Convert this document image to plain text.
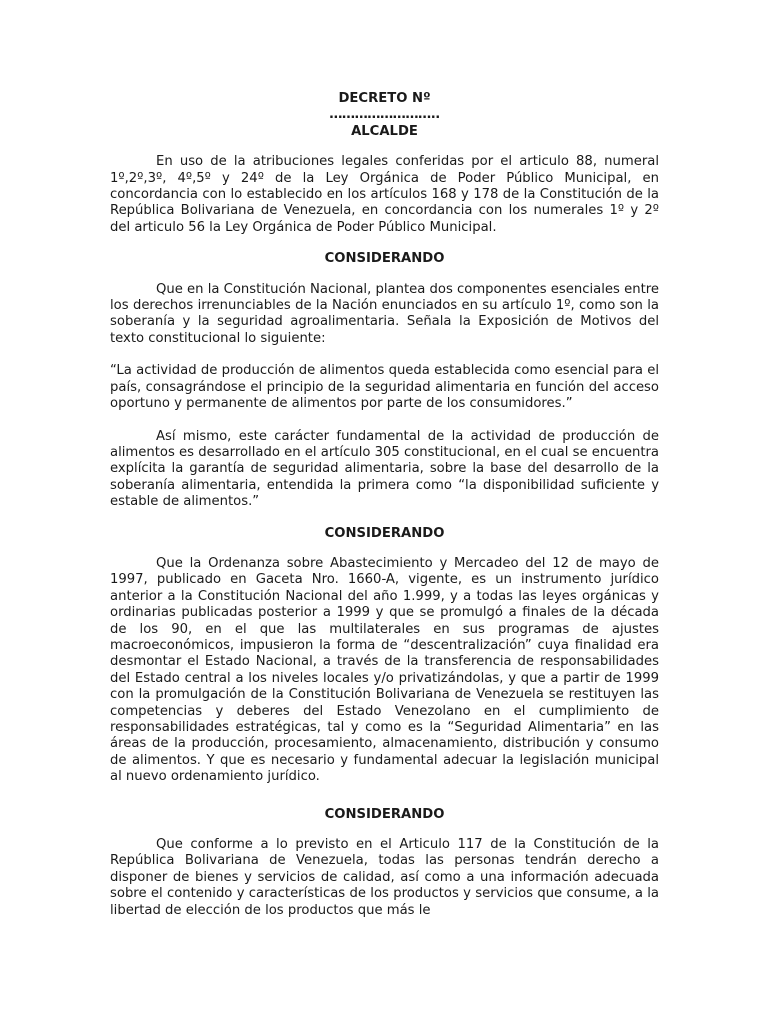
DECRETO Nº
……………………..
ALCALDE

En uso de la atribuciones legales conferidas por el articulo 88, numeral 1º,2º,3º, 4º,5º y 24º de la Ley Orgánica de Poder Público Municipal, en concordancia con lo establecido en los artículos 168 y 178 de la Constitución de la República Bolivariana de Venezuela, en concordancia con los numerales 1º y 2º del articulo 56 la Ley Orgánica de Poder Público Municipal.

CONSIDERANDO

Que en la Constitución Nacional, plantea dos componentes esenciales entre los derechos irrenunciables de la Nación enunciados en su artículo 1º, como son la soberanía y la seguridad agroalimentaria. Señala la Exposición de Motivos del texto constitucional lo siguiente:

“La actividad de producción de alimentos queda establecida como esencial para el país, consagrándose el principio de la seguridad alimentaria en función del acceso oportuno y permanente de alimentos por parte de los consumidores.”

Así mismo, este carácter fundamental de la actividad de producción de alimentos es desarrollado en el artículo 305 constitucional, en el cual se encuentra explícita la garantía de seguridad alimentaria, sobre la base del desarrollo de la soberanía alimentaria, entendida la primera como “la disponibilidad suficiente y estable de alimentos.”

CONSIDERANDO

Que la Ordenanza sobre Abastecimiento y Mercadeo del 12 de mayo de 1997, publicado en Gaceta Nro. 1660-A, vigente, es un instrumento jurídico anterior a la Constitución Nacional del año 1.999, y a todas las leyes orgánicas y ordinarias publicadas posterior a 1999 y que se promulgó a finales de la década de los 90, en el que las multilaterales en sus programas de ajustes macroeconómicos, impusieron la forma de “descentralización” cuya finalidad era desmontar el Estado Nacional, a través de la transferencia de responsabilidades del Estado central a los niveles locales y/o privatizándolas, y que a partir de 1999 con la promulgación de la Constitución Bolivariana de Venezuela se restituyen las competencias y deberes del Estado Venezolano en el cumplimiento de responsabilidades estratégicas, tal y como es la “Seguridad Alimentaria” en las áreas de la producción, procesamiento, almacenamiento, distribución y consumo de alimentos. Y que es necesario y fundamental adecuar la legislación municipal al nuevo ordenamiento jurídico.

CONSIDERANDO

Que conforme a lo previsto en el Articulo 117 de la Constitución de la República Bolivariana de Venezuela, todas las personas tendrán derecho a disponer de bienes y servicios de calidad, así como a una información adecuada sobre el contenido y características de los productos y servicios que consume, a la libertad de elección de los productos que más le
